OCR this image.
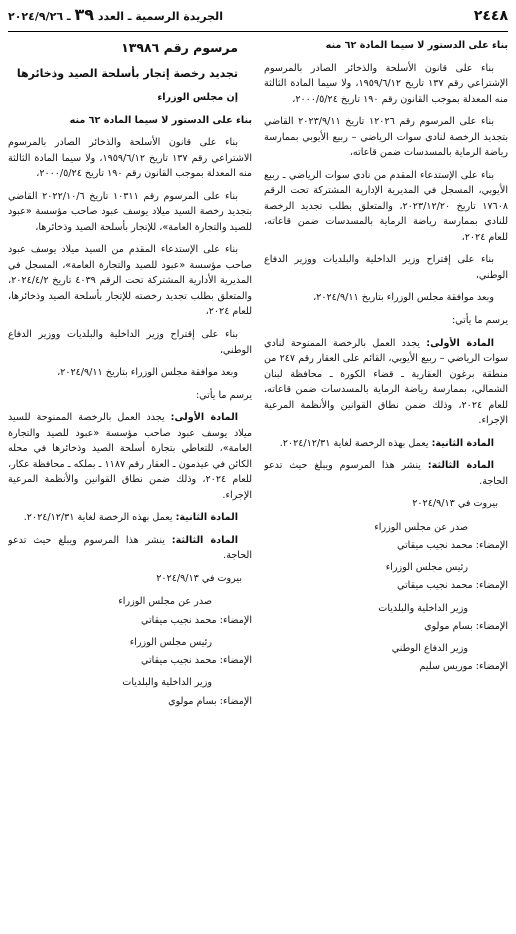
٢٤٤٨
الجريدة الرسمية ـ العدد ٣٩ ـ ٢٠٢٤/٩/٢٦

بناء على الدستور لا سيما المادة ٦٢ منه

بناء على قانون الأسلحة والذخائر الصادر بالمرسوم الإشتراعي رقم ١٣٧ تاريخ ١٩٥٩/٦/١٢، ولا سيما المادة الثالثة منه المعدلة بموجب القانون رقم ١٩٠ تاريخ ٢٠٠٠/٥/٢٤،

بناء على المرسوم رقم ١٢٠٢٦ تاريخ ٢٠٢٣/٩/١١ القاضي بتجديد الرخصة لنادي سوات الرياضي – ربيع الأيوبي بممارسة رياضة الرماية بالمسدسات ضمن قاعاته،

بناء على الإستدعاء المقدم من نادي سوات الرياضي ـ ربيع الأيوبي، المسجل في المديرية الإدارية المشتركة تحت الرقم ١٧٦٠٨ تاريخ ٢٠٢٣/١٢/٢٠، والمتعلق بطلب تجديد الرخصة للنادي بممارسة رياضة الرماية بالمسدسات ضمن قاعاته، للعام ٢٠٢٤،

بناء على إقتراح وزير الداخلية والبلديات ووزير الدفاع الوطني،

وبعد موافقة مجلس الوزراء بتاريخ ٢٠٢٤/٩/١١،

يرسم ما يأتي:

المادة الأولى: يجدد العمل بالرخصة الممنوحة لنادي سوات الرياضي – ربيع الأيوبي، القائم على العقار رقم ٢٤٧ من منطقة برغون العقارية ـ قضاء الكورة ـ محافظة لبنان الشمالي، بممارسة رياضة الرماية بالمسدسات ضمن قاعاته، للعام ٢٠٢٤، وذلك ضمن نطاق القوانين والأنظمة المرعية الإجراء.

المادة الثانية: يعمل بهذه الرخصة لغاية ٢٠٢٤/١٢/٣١.

المادة الثالثة: ينشر هذا المرسوم ويبلغ حيث تدعو الحاجة.

بيروت في ٢٠٢٤/٩/١٣

صدر عن مجلس الوزراء

الإمضاء: محمد نجيب ميقاتي

رئيس مجلس الوزراء

الإمضاء: محمد نجيب ميقاتي

وزير الداخلية والبلديات

الإمضاء: بسام مولوي

وزير الدفاع الوطني

الإمضاء: موريس سليم

مرسوم رقم ١٣٩٨٦

تجديد رخصة إتجار بأسلحة الصيد وذخائرها

إن مجلس الوزراء

بناء على الدستور لا سيما المادة ٦٢ منه

بناء على قانون الأسلحة والذخائر الصادر بالمرسوم الاشتراعي رقم ١٣٧ تاريخ ١٩٥٩/٦/١٢، ولا سيما المادة الثالثة منه المعدلة بموجب القانون رقم ١٩٠ تاريخ ٢٠٠٠/٥/٢٤،

بناء على المرسوم رقم ١٠٣١١ تاريخ ٢٠٢٢/١٠/٦ القاضي بتجديد رخصة السيد ميلاد يوسف عبود صاحب مؤسسة «عبود للصيد والتجارة العامة»، للإتجار بأسلحة الصيد وذخائرها،

بناء على الإستدعاء المقدم من السيد ميلاد يوسف عبود صاحب مؤسسة «عبود للصيد والتجارة العامة»، المسجل في المديرية الأدارية المشتركة تحت الرقم ٤٠٣٩ تاريخ ٢٠٢٤/٤/٢، والمتعلق بطلب تجديد رخصته للإتجار بأسلحة الصيد وذخائرها، للعام ٢٠٢٤،

بناء على إقتراح وزير الداخلية والبلديات ووزير الدفاع الوطني،

وبعد موافقة مجلس الوزراء بتاريخ ٢٠٢٤/٩/١١،

يرسم ما يأتي:

المادة الأولى: يجدد العمل بالرخصة الممنوحة للسيد ميلاد يوسف عبود صاحب مؤسسة «عبود للصيد والتجارة العامة»، للتعاطي بتجارة أسلحة الصيد وذخائرها في محله الكائن في عيدمون ـ العقار رقم ١١٨٧ ـ بملكه ـ محافظة عكار، للعام ٢٠٢٤، وذلك ضمن نطاق القوانين والأنظمة المرعية الإجراء.

المادة الثانية: يعمل بهذه الرخصة لغاية ٢٠٢٤/١٢/٣١.

المادة الثالثة: ينشر هذا المرسوم ويبلغ حيث تدعو الحاجة.

بيروت في ٢٠٢٤/٩/١٣

صدر عن مجلس الوزراء

الإمضاء: محمد نجيب ميقاتي

رئيس مجلس الوزراء

الإمضاء: محمد نجيب ميقاتي

وزير الداخلية والبلديات

الإمضاء: بسام مولوي
